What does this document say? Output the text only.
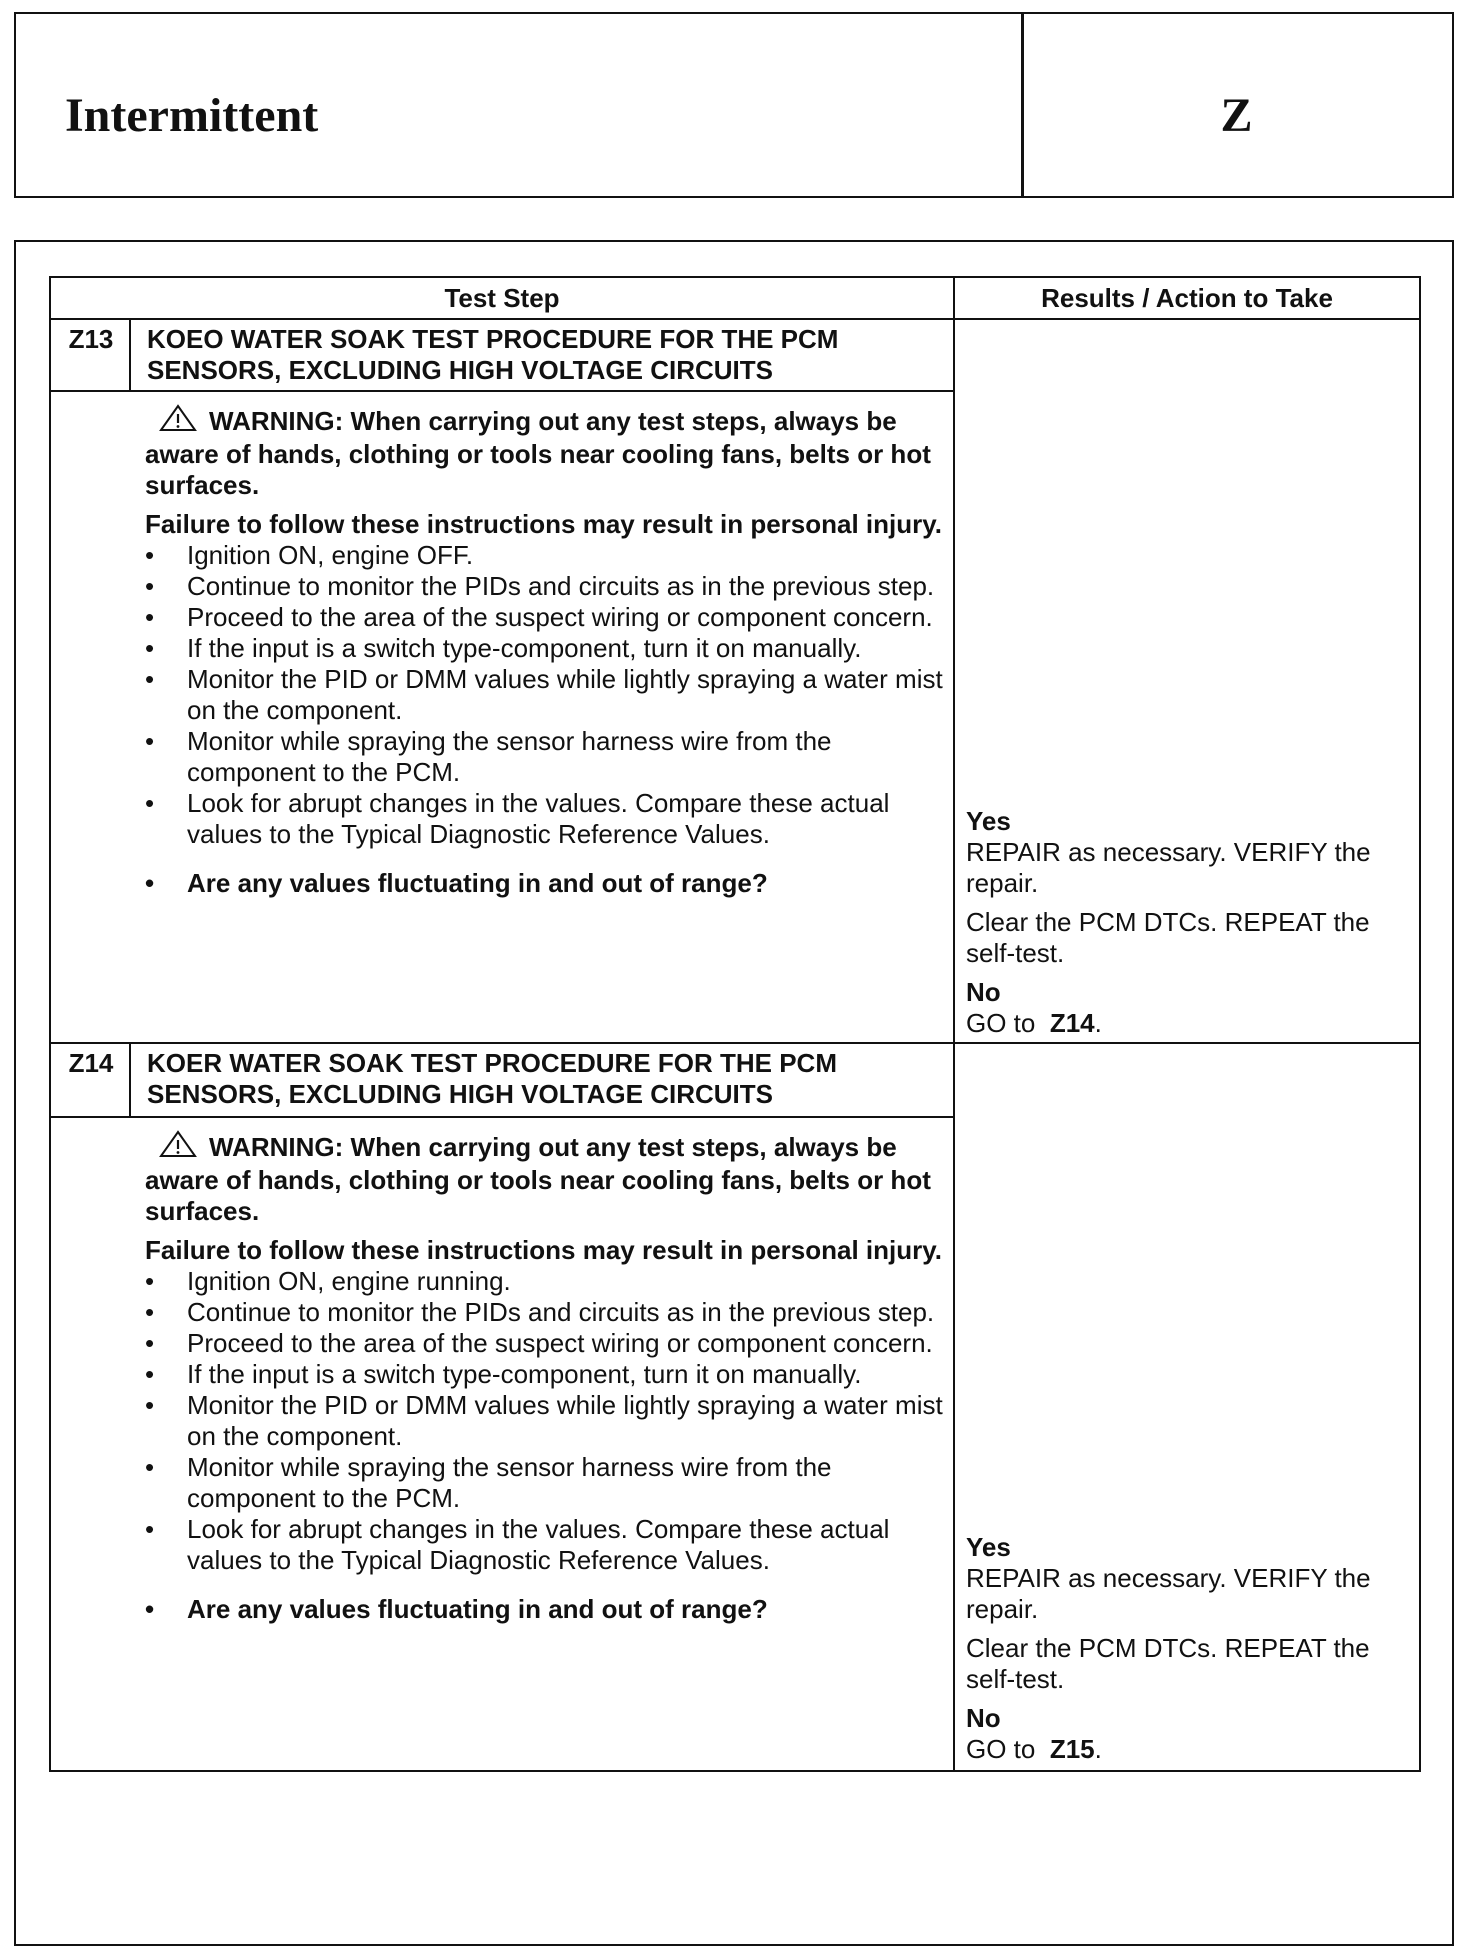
Intermittent	Z
Test Step	Results / Action to Take
Z13	KOEO WATER SOAK TEST PROCEDURE FOR THE PCM SENSORS, EXCLUDING HIGH VOLTAGE CIRCUITS
WARNING: When carrying out any test steps, always be aware of hands, clothing or tools near cooling fans, belts or hot surfaces.
Failure to follow these instructions may result in personal injury.
• Ignition ON, engine OFF.
• Continue to monitor the PIDs and circuits as in the previous step.
• Proceed to the area of the suspect wiring or component concern.
• If the input is a switch type-component, turn it on manually.
• Monitor the PID or DMM values while lightly spraying a water mist on the component.
• Monitor while spraying the sensor harness wire from the component to the PCM.
• Look for abrupt changes in the values. Compare these actual values to the Typical Diagnostic Reference Values.
• Are any values fluctuating in and out of range?

Yes

REPAIR as necessary. VERIFY the repair.

Clear the PCM DTCs. REPEAT the self-test.

No

GO to Z14.

Z14	KOER WATER SOAK TEST PROCEDURE FOR THE PCM SENSORS, EXCLUDING HIGH VOLTAGE CIRCUITS
WARNING: When carrying out any test steps, always be aware of hands, clothing or tools near cooling fans, belts or hot surfaces.
Failure to follow these instructions may result in personal injury.
• Ignition ON, engine running.
• Continue to monitor the PIDs and circuits as in the previous step.
• Proceed to the area of the suspect wiring or component concern.
• If the input is a switch type-component, turn it on manually.
• Monitor the PID or DMM values while lightly spraying a water mist on the component.
• Monitor while spraying the sensor harness wire from the component to the PCM.
• Look for abrupt changes in the values. Compare these actual values to the Typical Diagnostic Reference Values.
• Are any values fluctuating in and out of range?

Yes

REPAIR as necessary. VERIFY the repair.

Clear the PCM DTCs. REPEAT the self-test.

No

GO to Z15.
